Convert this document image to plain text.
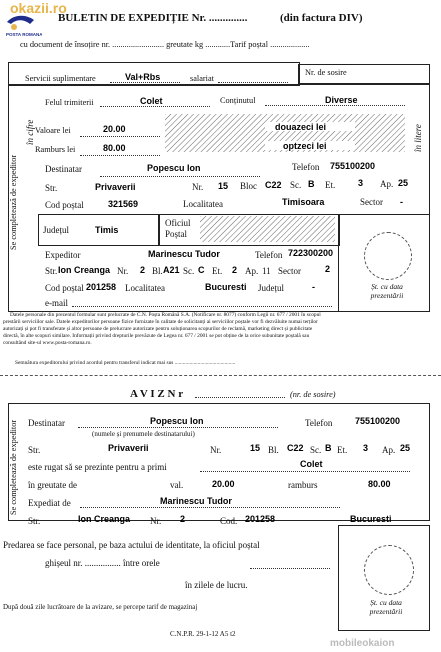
okazii.ro
POSTA ROMANA
BULETIN DE EXPEDIȚIE Nr. ..............	(din factura DIV)
cu document de însoțire nr. ......................... greutate kg ............Tarif poștal ...................
Servicii suplimentare	Val+Rbs	salariat
Nr. de sosire
Se completează de expeditor
în cifre	în litere
Felul trimiterii	Colet	Conținutul	Diverse
Valoare lei	20.00	douazeci lei
Ramburs lei	80.00	optzeci lei
Destinatar	Popescu Ion	Telefon 755100200
Str.	Privaverii	Nr. 15 Bloc C22 Sc. B Et.	3 Ap. 25
Cod poștal	321569	Localitatea	Timisoara	Sector -
Județul	Timis
Oficiul
Poștal
Șt. cu data
prezentării
Expeditor	Marinescu Tudor	Telefon 722300200
Str. Ion Creanga Nr. 2 Bl. A21 Sc. C Et. 2 Ap. 11 Sector	2
Cod poștal 201258 Localitatea	Bucuresti Județul	-
e-mail
Datele personale din prezentul formular sunt prelucrate de C.N. Poșta Română S.A. (Notificare nr. 8077) conform Legii nr. 677 / 2001 în scopul
prestării serviciilor sale. Datele expeditorilor persoane fizice furnizate în calitate de solicitanți ai serviciilor poștale vor fi dezvăluite numai terților
autorizați și pot fi transferate și altor persoane de prelucrare autorizate pentru soluționarea scopurilor de reclamă, marketing direct și publicitate
directă, în alte scopuri similare. Informații privind drepturile prevăzute de Legea nr. 677 / 2001 se pot obține de la orice subunitate poștală sau
consultând site-ul www.posta-romana.ro.
Semnătura expeditorului privind acordul pentru transferul indicat mai sus .............................................
A V I Z N r	(nr. de sosire)
Se completează de expeditor Destinatar	Popescu Ion	Telefon	755100200
(numele și prenumele destinatarului)
Str.	Privaverii	Nr.	15 Bl. C22 Sc. B Et. 3 Ap. 25
este rugat să se prezinte pentru a primi	Colet
în greutate de	val.	20.00	ramburs	80.00
Expediat de	Marinescu Tudor
Str.	Ion Creanga Nr. 2	Cod. 201258	Bucuresti
Predarea se face personal, pe baza actului de identitate, la oficiul poștal
ghișeul nr. ................ între orele
în zilele de lucru.
După două zile lucrătoare de la avizare, se percepe tarif de magazinaj
C.N.P.R. 29-1-12 A5 t2
Șt. cu data
prezentării
mobileokaion
